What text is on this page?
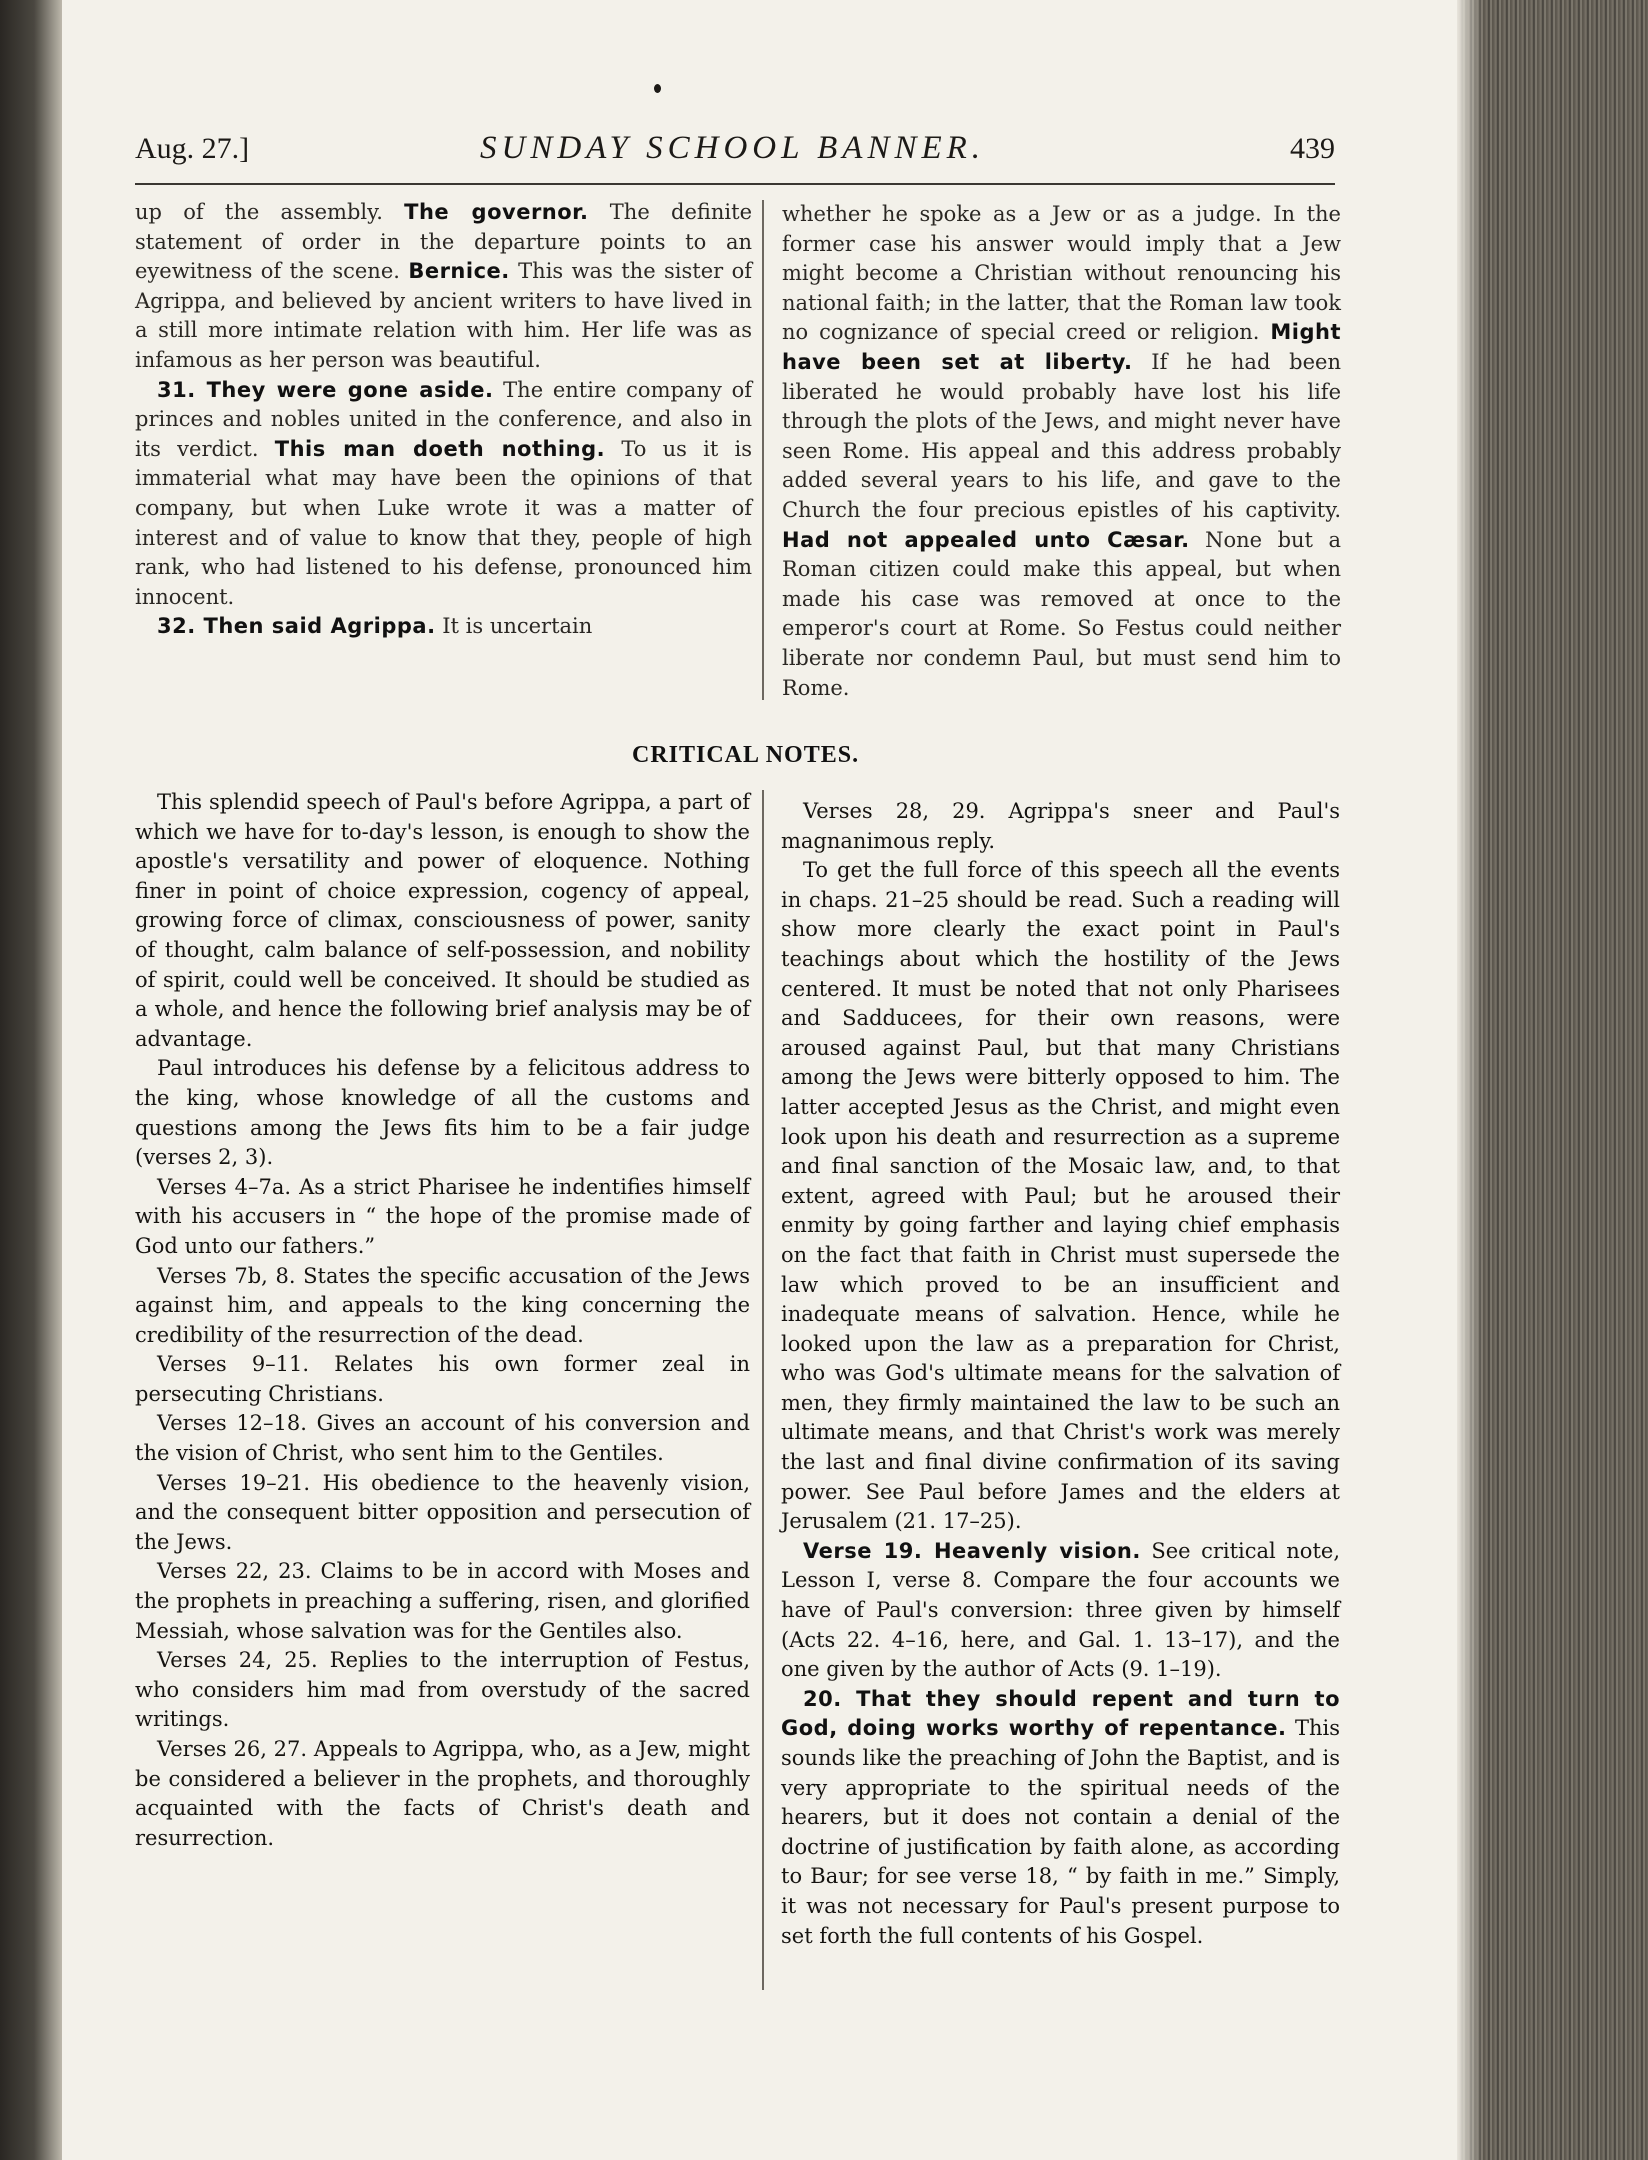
Aug. 27.]	SUNDAY SCHOOL BANNER.	439

up of the assembly. The governor. The definite statement of order in the departure points to an eyewitness of the scene. Bernice. This was the sister of Agrippa, and believed by ancient writers to have lived in a still more intimate relation with him. Her life was as infamous as her person was beautiful.

31. They were gone aside. The entire company of princes and nobles united in the conference, and also in its verdict. This man doeth nothing. To us it is immaterial what may have been the opinions of that company, but when Luke wrote it was a matter of interest and of value to know that they, people of high rank, who had listened to his defense, pronounced him innocent.

32. Then said Agrippa. It is uncertain

whether he spoke as a Jew or as a judge. In the former case his answer would imply that a Jew might become a Christian without renouncing his national faith; in the latter, that the Roman law took no cognizance of special creed or religion. Might have been set at liberty. If he had been liberated he would probably have lost his life through the plots of the Jews, and might never have seen Rome. His appeal and this address probably added several years to his life, and gave to the Church the four precious epistles of his captivity. Had not appealed unto Cæsar. None but a Roman citizen could make this appeal, but when made his case was removed at once to the emperor's court at Rome. So Festus could neither liberate nor condemn Paul, but must send him to Rome.

CRITICAL NOTES.

This splendid speech of Paul's before Agrippa, a part of which we have for to-day's lesson, is enough to show the apostle's versatility and power of eloquence. Nothing finer in point of choice expression, cogency of appeal, growing force of climax, consciousness of power, sanity of thought, calm balance of self-possession, and nobility of spirit, could well be conceived. It should be studied as a whole, and hence the following brief analysis may be of advantage.

Paul introduces his defense by a felicitous address to the king, whose knowledge of all the customs and questions among the Jews fits him to be a fair judge (verses 2, 3).

Verses 4–7a. As a strict Pharisee he indentifies himself with his accusers in “ the hope of the promise made of God unto our fathers.”

Verses 7b, 8. States the specific accusation of the Jews against him, and appeals to the king concerning the credibility of the resurrection of the dead.

Verses 9–11. Relates his own former zeal in persecuting Christians.

Verses 12–18. Gives an account of his conversion and the vision of Christ, who sent him to the Gentiles.

Verses 19–21. His obedience to the heavenly vision, and the consequent bitter opposition and persecution of the Jews.

Verses 22, 23. Claims to be in accord with Moses and the prophets in preaching a suffering, risen, and glorified Messiah, whose salvation was for the Gentiles also.

Verses 24, 25. Replies to the interruption of Festus, who considers him mad from overstudy of the sacred writings.

Verses 26, 27. Appeals to Agrippa, who, as a Jew, might be considered a believer in the prophets, and thoroughly acquainted with the facts of Christ's death and resurrection.

Verses 28, 29. Agrippa's sneer and Paul's magnanimous reply.

To get the full force of this speech all the events in chaps. 21–25 should be read. Such a reading will show more clearly the exact point in Paul's teachings about which the hostility of the Jews centered. It must be noted that not only Pharisees and Sadducees, for their own reasons, were aroused against Paul, but that many Christians among the Jews were bitterly opposed to him. The latter accepted Jesus as the Christ, and might even look upon his death and resurrection as a supreme and final sanction of the Mosaic law, and, to that extent, agreed with Paul; but he aroused their enmity by going farther and laying chief emphasis on the fact that faith in Christ must supersede the law which proved to be an insufficient and inadequate means of salvation. Hence, while he looked upon the law as a preparation for Christ, who was God's ultimate means for the salvation of men, they firmly maintained the law to be such an ultimate means, and that Christ's work was merely the last and final divine confirmation of its saving power. See Paul before James and the elders at Jerusalem (21. 17–25).

Verse 19. Heavenly vision. See critical note, Lesson I, verse 8. Compare the four accounts we have of Paul's conversion: three given by himself (Acts 22. 4–16, here, and Gal. 1. 13–17), and the one given by the author of Acts (9. 1–19).

20. That they should repent and turn to God, doing works worthy of repentance. This sounds like the preaching of John the Baptist, and is very appropriate to the spiritual needs of the hearers, but it does not contain a denial of the doctrine of justification by faith alone, as according to Baur; for see verse 18, “ by faith in me.” Simply, it was not necessary for Paul's present purpose to set forth the full contents of his Gospel.
